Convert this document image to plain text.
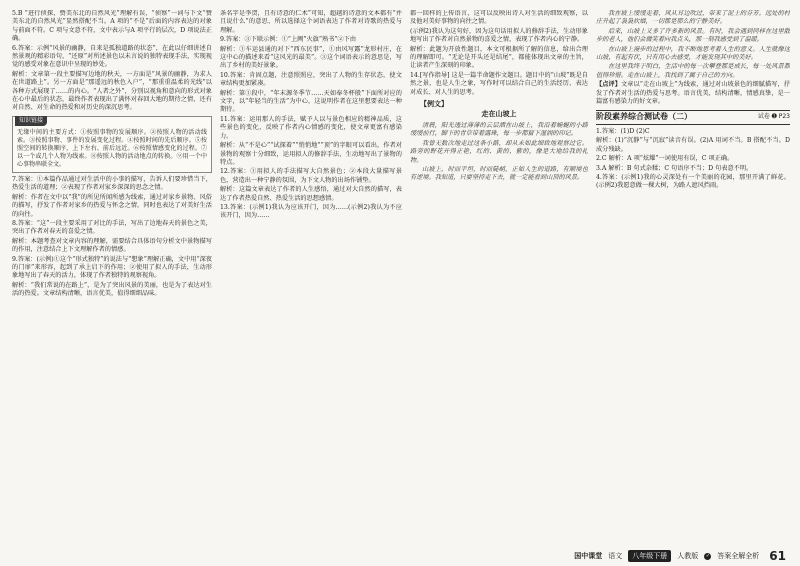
5.B “进行侦探，赞美东北的自然风光”理解有误，“侦察”一词与下文“赞美东北的自然风光”显然搭配不当。A 项的“不是”后面的内容表达的对象与前面不符。C 项与文意不符，文中表示与A 项平行的层次，D 项说法正确。

6.答案：示例“风景的幽静，自来是孤独道路的状态”，在此以仔细讲述自然景观的精彩语句，“还原”对所述景色以未言说的独特表现手法，实现视觉的感受对象在意识中呈现的妙处。

解析：文章第一段主要描写边地的秋天，一方面是“风景的幽静，为求人在世道路上”。另一方面是“那遥远的秋色入户”，“那重重温柔的光线”以各种方式展现了……的内心。“人者之外”，分别以视角和意向的形式对象在心中最后的状态，最终作者表现出了满怀对春回大地的期待之情，还有对自然、对生命的热爱和对历史的深沉思考。

知识链接
无缘中间的主要方式：①按照事物的发展顺序。②按照人物的活动线索。③按照事物、事件的发展变化过程。④按照时间的先后顺序。⑤按照空间的转换顺序，上下左右、前后远近。⑥按照情感变化的过程。⑦以一个或几个人物为线索。⑧按照人物的活动地点的转换。⑨用一个中心事物串联全文。

7.答案：①本篇作品通过对生活中的小事的描写，告诉人们要珍惜当下，热爱生活的道理；②表现了作者对家乡深深的思念之情。

解析：作者在文中以“我”的所见所闻所感为线索，通过对家乡景物、风俗的描写，抒发了作者对家乡的热爱与怀念之情，同时也表达了对美好生活的向往。

8.答案：“这”一段主要采用了对比的手法，写出了边地春天的景色之美，突出了作者对春天的喜爱之情。

解析：本题考查对文章内容的理解，需要结合具体语句分析文中景物描写的作用，注意结合上下文理解作者的情感。

9.答案：(示例)①这个“形式独特”的说法与“想象”理解正确，文中用“深夜的门扉”来形容，起到了承上启下的作用；②使用了拟人的手法，生动形象地写出了春天的活力，体现了作者独特的观察视角。

解析：“我们常说的在路上”，是为了突出风景的美丽，也是为了表达对生活的热爱。文章结构清晰，语言优美，值得细细品味。

条名字是李贺，且有诗意的仁术”可知，超越的诗意的文本都有“并且说什么”的意思，所以选择这个词语表达了作者对诗歌的热爱与理解。

9.答案：③下联示例：①“上阙”火旗“熟书”②下由

解析：①车运县通的对下“西东民事”，①由风写露”龙形村庄，在这中心的描述来看“这风光的最美”。③这个词语表示的意思是，写出了乡村的美好景象。

10.答案：肯固点题，注意照照应，突出了人物的生存状态，使文章结构更加紧凑。

解析：第①段中，“年末源冬季节……天如奉冬杯般”下面所对应的文字，以“年轻当的生活”为中心，这说明作者在这里想要表达一种期待。

11.答案：运用那人的手法，赋予人以与景色相应的精神品质，这些景色的变化，反映了作者内心情感的变化，使文章更富有感染力。

解析：从“不是心”“试探着”“悄悄地”“顶”的字眼可以看出，作者对景物的观察十分细致，运用拟人的修辞手法，生动地写出了景物的特点。

12.答案：①用拟人的手法描写大自然景色；②本段大量描写景色，营造出一种宁静的氛围，为下文人物的出场作铺垫。

解析：这篇文章表达了作者的人生感悟，通过对大自然的描写，表达了作者热爱自然、热爱生活的思想感情。

13.答案：(示例1)我认为应该开门，因为……(示例2)我认为不应该开门，因为……

都一回样的上传语言，这可以反映出诗人对生活的细致观察，以及他对美好事物的向往之情。

(示例2)我认为这句好，因为这句话用拟人的修辞手法，生动形象地写出了作者对自然景物的喜爱之情，表现了作者内心的宁静。

解析：此题为开放性题目，本文可根据所了解的信息，给出合理的理解即可。“无论是开头还是结尾”，都能体现出文章的主旨，让读者产生深刻的印象。

14.[写作指导] 这是一篇半命题作文题目。题目中的“山坡”既是自然之景，也是人生之象，写作时可以结合自己的生活经历，表达对成长、对人生的思考。

【例文】
走在山坡上

清晨，阳光透过薄薄的云层洒在山坡上，我沿着蜿蜒的小路缓缓前行，脚下的青草带着露珠，每一步都留下湿润的印记。

我曾无数次地走过这条小路，却从未如此细致地观察过它。路旁的野花开得正艳，红的、黄的、紫的，像是大地给我的礼物。

山坡上，时而平坦，时而陡峭，正如人生的道路，有顺境也有逆境。我知道，只要坚持走下去，就一定能看到山顶的风景。

我在坡上缓缓走着，风从耳边吹过，带来了泥土的芬芳。远处的村庄升起了袅袅炊烟，一切都是那么的宁静美好。

后来，山坡上又多了许多新的风景。有时，我会遇到同样在这里散步的老人，他们会微笑着向我点头，那一刻我感受到了温暖。

在山坡上漫步的过程中，我不断地思考着人生的意义。人生就像这山坡，有起有伏，只有用心去感受，才能发现其中的美好。

在这里我终于明白，生活中的每一次攀登都是成长，每一处风景都值得珍惜。走在山坡上，我找到了属于自己的方向。

【点评】文章以“走在山坡上”为线索，通过对山坡景色的细腻描写，抒发了作者对生活的热爱与思考。语言优美，结构清晰，情感真挚，是一篇富有感染力的好文章。

阶段素养综合测试卷（二）	试卷 ➊ P23

1.答案：(1)D (2)C

解析：(1)“沉静”与“沉寂”读音有误。(2)A 用词不当。B 搭配不当。D 成分残缺。

2.C 解析：A 项“炫耀”一词使用有误，C 项正确。

3.A 解析：B 句式杂糅；C 句语序不当；D 句表意不明。

4.答案：(示例1)我的心灵深处有一个美丽的花园，那里开满了鲜花。(示例2)我愿意做一棵大树，为路人遮风挡雨。

国中课堂 语文	八年级下册	人教版 ✓ 答案全解全析 61
